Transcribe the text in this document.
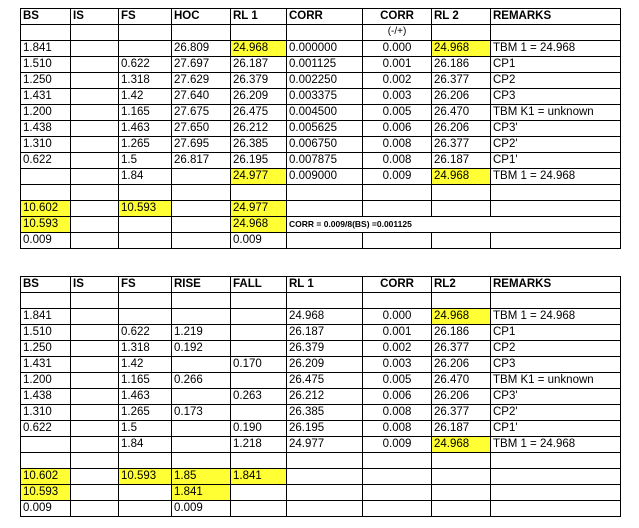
BS	IS	FS	HOC	RL 1	CORR	CORR	RL 2	REMARKS
						(-/+)		
1.841			26.809	24.968	0.000000	0.000	24.968	TBM 1 = 24.968
1.510		0.622	27.697	26.187	0.001125	0.001	26.186	CP1
1.250		1.318	27.629	26.379	0.002250	0.002	26.377	CP2
1.431		1.42	27.640	26.209	0.003375	0.003	26.206	CP3
1.200		1.165	27.675	26.475	0.004500	0.005	26.470	TBM K1 = unknown
1.438		1.463	27.650	26.212	0.005625	0.006	26.206	CP3'
1.310		1.265	27.695	26.385	0.006750	0.008	26.377	CP2'
0.622		1.5	26.817	26.195	0.007875	0.008	26.187	CP1'
		1.84		24.977	0.009000	0.009	24.968	TBM 1 = 24.968

10.602		10.593		24.977				
10.593				24.968	CORR = 0.009/8(BS) =0.001125			
0.009				0.009				
BS	IS	FS	RISE	FALL	RL 1	CORR	RL2	REMARKS

1.841					24.968	0.000	24.968	TBM 1 = 24.968
1.510		0.622	1.219		26.187	0.001	26.186	CP1
1.250		1.318	0.192		26.379	0.002	26.377	CP2
1.431		1.42		0.170	26.209	0.003	26.206	CP3
1.200		1.165	0.266		26.475	0.005	26.470	TBM K1 = unknown
1.438		1.463		0.263	26.212	0.006	26.206	CP3'
1.310		1.265	0.173		26.385	0.008	26.377	CP2'
0.622		1.5		0.190	26.195	0.008	26.187	CP1'
		1.84		1.218	24.977	0.009	24.968	TBM 1 = 24.968

10.602		10.593	1.85	1.841				
10.593			1.841					
0.009			0.009					
